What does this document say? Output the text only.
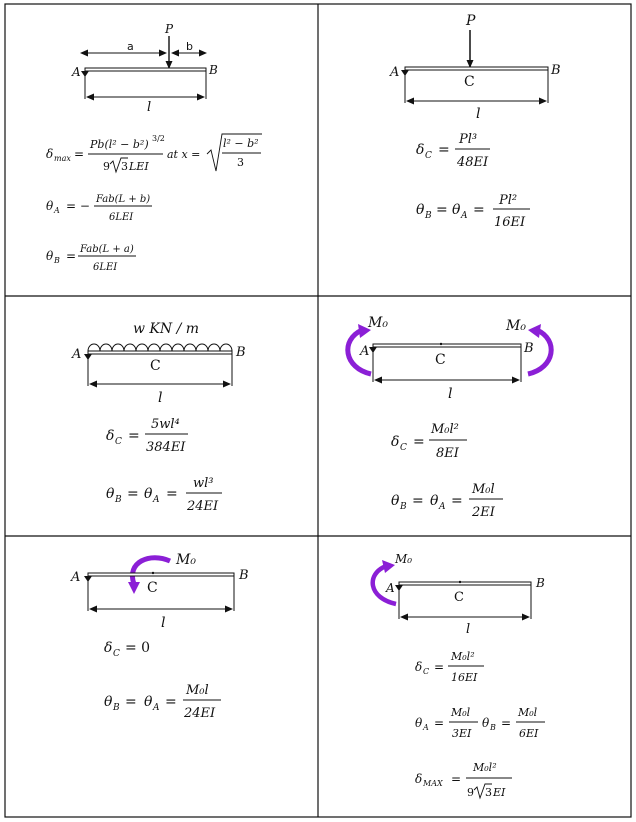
a	b
P
A	B
l
δ max =
Pb(l² − b²) 3/2
9 3 LEI
at x =
l² − b²
3
θ A = − Fab(L + b)
6LEI
θ B = Fab(L + a)
6LEI
P
A	B
C
l
δ C =
Pl³
48EI
θ B = θ A =
Pl²
16EI
w KN / m
A	B
C
l
δ C =
5wl⁴
384EI
θ B = θ A =
wl³
24EI
M₀	M₀
A	B
C
l
δ C =
M₀l²
8EI
θ B = θ A =
M₀l
2EI
M₀
A	B
C
l
δ C = 0
θ B = θ A =
M₀l
24EI
M₀
A	B
C
l
δ C =
M₀l²
16EI
θ A =
M₀l
3EI
θ B =
M₀l
6EI
δ MAX =
M₀l²
9 3 EI
